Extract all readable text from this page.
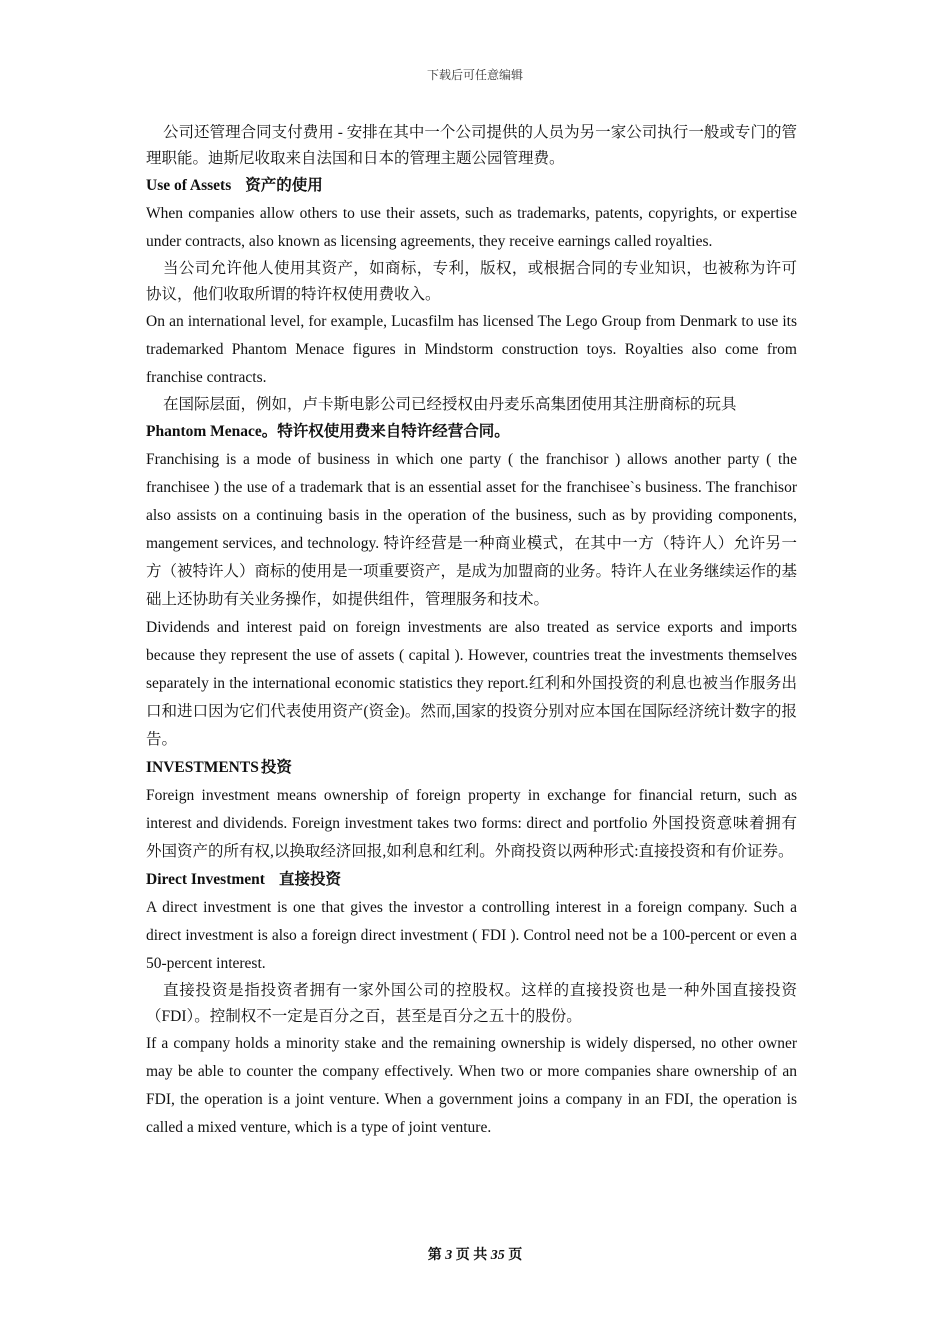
下载后可任意编辑

公司还管理合同支付费用 - 安排在其中一个公司提供的人员为另一家公司执行一般或专门的管理职能。迪斯尼收取来自法国和日本的管理主题公园管理费。

Use of Assets 资产的使用

When companies allow others to use their assets, such as trademarks, patents, copyrights, or expertise under contracts, also known as licensing agreements, they receive earnings called royalties.

当公司允许他人使用其资产，如商标，专利，版权，或根据合同的专业知识，也被称为许可协议，他们收取所谓的特许权使用费收入。

On an international level, for example, Lucasfilm has licensed The Lego Group from Denmark to use its trademarked Phantom Menace figures in Mindstorm construction toys. Royalties also come from franchise contracts.

在国际层面，例如，卢卡斯电影公司已经授权由丹麦乐高集团使用其注册商标的玩具

Phantom Menace。特许权使用费来自特许经营合同。

Franchising is a mode of business in which one party ( the franchisor ) allows another party ( the franchisee ) the use of a trademark that is an essential asset for the franchisee`s business. The franchisor also assists on a continuing basis in the operation of the business, such as by providing components, mangement services, and technology. 特许经营是一种商业模式，在其中一方（特许人）允许另一方（被特许人）商标的使用是一项重要资产，是成为加盟商的业务。特许人在业务继续运作的基础上还协助有关业务操作，如提供组件，管理服务和技术。

Dividends and interest paid on foreign investments are also treated as service exports and imports because they represent the use of assets ( capital ). However, countries treat the investments themselves separately in the international economic statistics they report.红利和外国投资的利息也被当作服务出口和进口因为它们代表使用资产(资金)。然而,国家的投资分别对应本国在国际经济统计数字的报告。

INVESTMENTS 投资

Foreign investment means ownership of foreign property in exchange for financial return, such as interest and dividends. Foreign investment takes two forms: direct and portfolio 外国投资意味着拥有外国资产的所有权,以换取经济回报,如利息和红利。外商投资以两种形式:直接投资和有价证券。

Direct Investment 直接投资

A direct investment is one that gives the investor a controlling interest in a foreign company. Such a direct investment is also a foreign direct investment ( FDI ). Control need not be a 100-percent or even a 50-percent interest.

直接投资是指投资者拥有一家外国公司的控股权。这样的直接投资也是一种外国直接投资（FDI）。控制权不一定是百分之百，甚至是百分之五十的股份。

If a company holds a minority stake and the remaining ownership is widely dispersed, no other owner may be able to counter the company effectively. When two or more companies share ownership of an FDI, the operation is a joint venture. When a government joins a company in an FDI, the operation is called a mixed venture, which is a type of joint venture.

第 3 页 共 35 页
